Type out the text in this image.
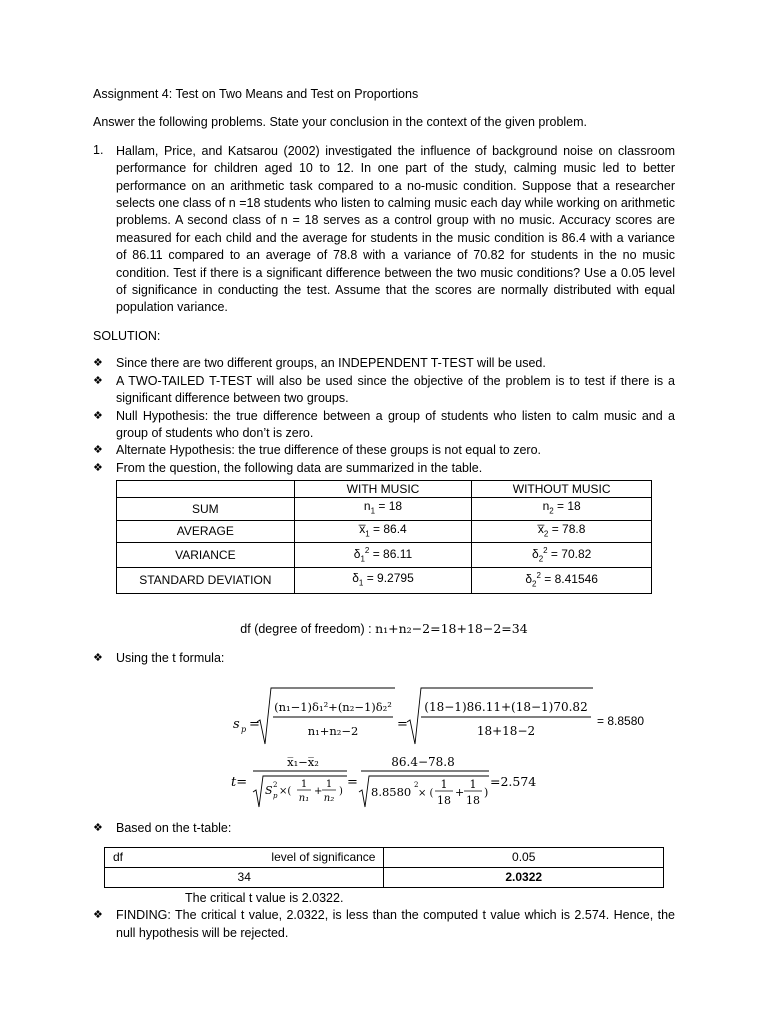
Assignment 4: Test on Two Means and Test on Proportions

Answer the following problems. State your conclusion in the context of the given problem.

1.	Hallam, Price, and Katsarou (2002) investigated the influence of background noise on classroom performance for children aged 10 to 12. In one part of the study, calming music led to better performance on an arithmetic task compared to a no-music condition. Suppose that a researcher selects one class of n =18 students who listen to calming music each day while working on arithmetic problems. A second class of n = 18 serves as a control group with no music. Accuracy scores are measured for each child and the average for students in the music condition is 86.4 with a variance of 86.11 compared to an average of 78.8 with a variance of 70.82 for students in the no music condition. Test if there is a significant difference between the two music conditions? Use a 0.05 level of significance in conducting the test. Assume that the scores are normally distributed with equal population variance.

SOLUTION:

❖	Since there are two different groups, an INDEPENDENT T-TEST will be used.
❖	A TWO-TAILED T-TEST will also be used since the objective of the problem is to test if there is a significant difference between two groups.
❖	Null Hypothesis: the true difference between a group of students who listen to calm music and a group of students who don’t is zero.
❖	Alternate Hypothesis: the true difference of these groups is not equal to zero.
❖	From the question, the following data are summarized in the table.
	WITH MUSIC	WITHOUT MUSIC
SUM	$n_1 = 18$	$n_2 = 18$
AVERAGE	$x̅_1 = 86.4$	$x̅_2 = 78.8$
VARIANCE	$\delta_1^2 = 86.11$	$\delta_2^2 = 70.82$
STANDARD DEVIATION	$\delta_1 = 9.2795$	$\delta_2^2 = 8.41546$

df (degree of freedom) : n₁+n₂−2=18+18−2=34

❖	Using the t formula:
s p =
(n₁−1)δ₁²+(n₂−1)δ₂²
n₁+n₂−2	=
(18−1)86.11+(18−1)70.82
18+18−2
= 8.8580
t=
x̅₁−x̅₂
S 2
p ×(
1
n₁
+
1
n₂
)
=
86.4−78.8
8.8580 2
× (
1
18
+
1
18
)
=2.574
❖	Based on the t-table:
df level of significance	0.05
34	2.0322

The critical t value is 2.0322.

❖	FINDING: The critical t value, 2.0322, is less than the computed t value which is 2.574. Hence, the null hypothesis will be rejected.
